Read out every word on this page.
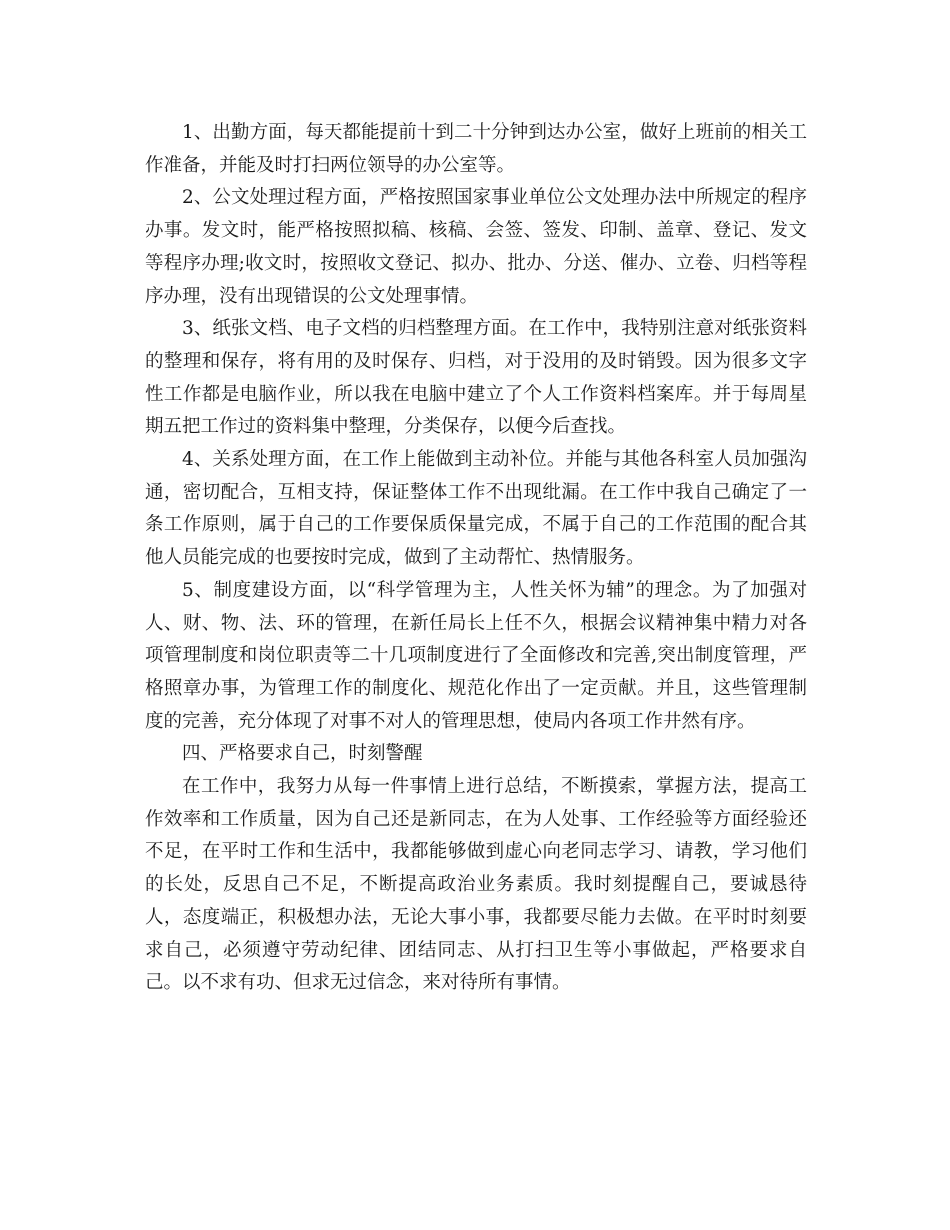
1、出勤方面，每天都能提前十到二十分钟到达办公室，做好上班前的相关工作准备，并能及时打扫两位领导的办公室等。

2、公文处理过程方面，严格按照国家事业单位公文处理办法中所规定的程序办事。发文时，能严格按照拟稿、核稿、会签、签发、印制、盖章、登记、发文等程序办理;收文时，按照收文登记、拟办、批办、分送、催办、立卷、归档等程序办理，没有出现错误的公文处理事情。

3、纸张文档、电子文档的归档整理方面。在工作中，我特别注意对纸张资料的整理和保存，将有用的及时保存、归档，对于没用的及时销毁。因为很多文字性工作都是电脑作业，所以我在电脑中建立了个人工作资料档案库。并于每周星期五把工作过的资料集中整理，分类保存，以便今后查找。

4、关系处理方面，在工作上能做到主动补位。并能与其他各科室人员加强沟通，密切配合，互相支持，保证整体工作不出现纰漏。在工作中我自己确定了一条工作原则，属于自己的工作要保质保量完成，不属于自己的工作范围的配合其他人员能完成的也要按时完成，做到了主动帮忙、热情服务。

5、制度建设方面，以“科学管理为主，人性关怀为辅”的理念。为了加强对人、财、物、法、环的管理，在新任局长上任不久，根据会议精神集中精力对各项管理制度和岗位职责等二十几项制度进行了全面修改和完善,突出制度管理，严格照章办事，为管理工作的制度化、规范化作出了一定贡献。并且，这些管理制度的完善，充分体现了对事不对人的管理思想，使局内各项工作井然有序。

四、严格要求自己，时刻警醒

在工作中，我努力从每一件事情上进行总结，不断摸索，掌握方法，提高工作效率和工作质量，因为自己还是新同志，在为人处事、工作经验等方面经验还不足，在平时工作和生活中，我都能够做到虚心向老同志学习、请教，学习他们的长处，反思自己不足，不断提高政治业务素质。我时刻提醒自己，要诚恳待人，态度端正，积极想办法，无论大事小事，我都要尽能力去做。在平时时刻要求自己，必须遵守劳动纪律、团结同志、从打扫卫生等小事做起，严格要求自己。以不求有功、但求无过信念，来对待所有事情。
